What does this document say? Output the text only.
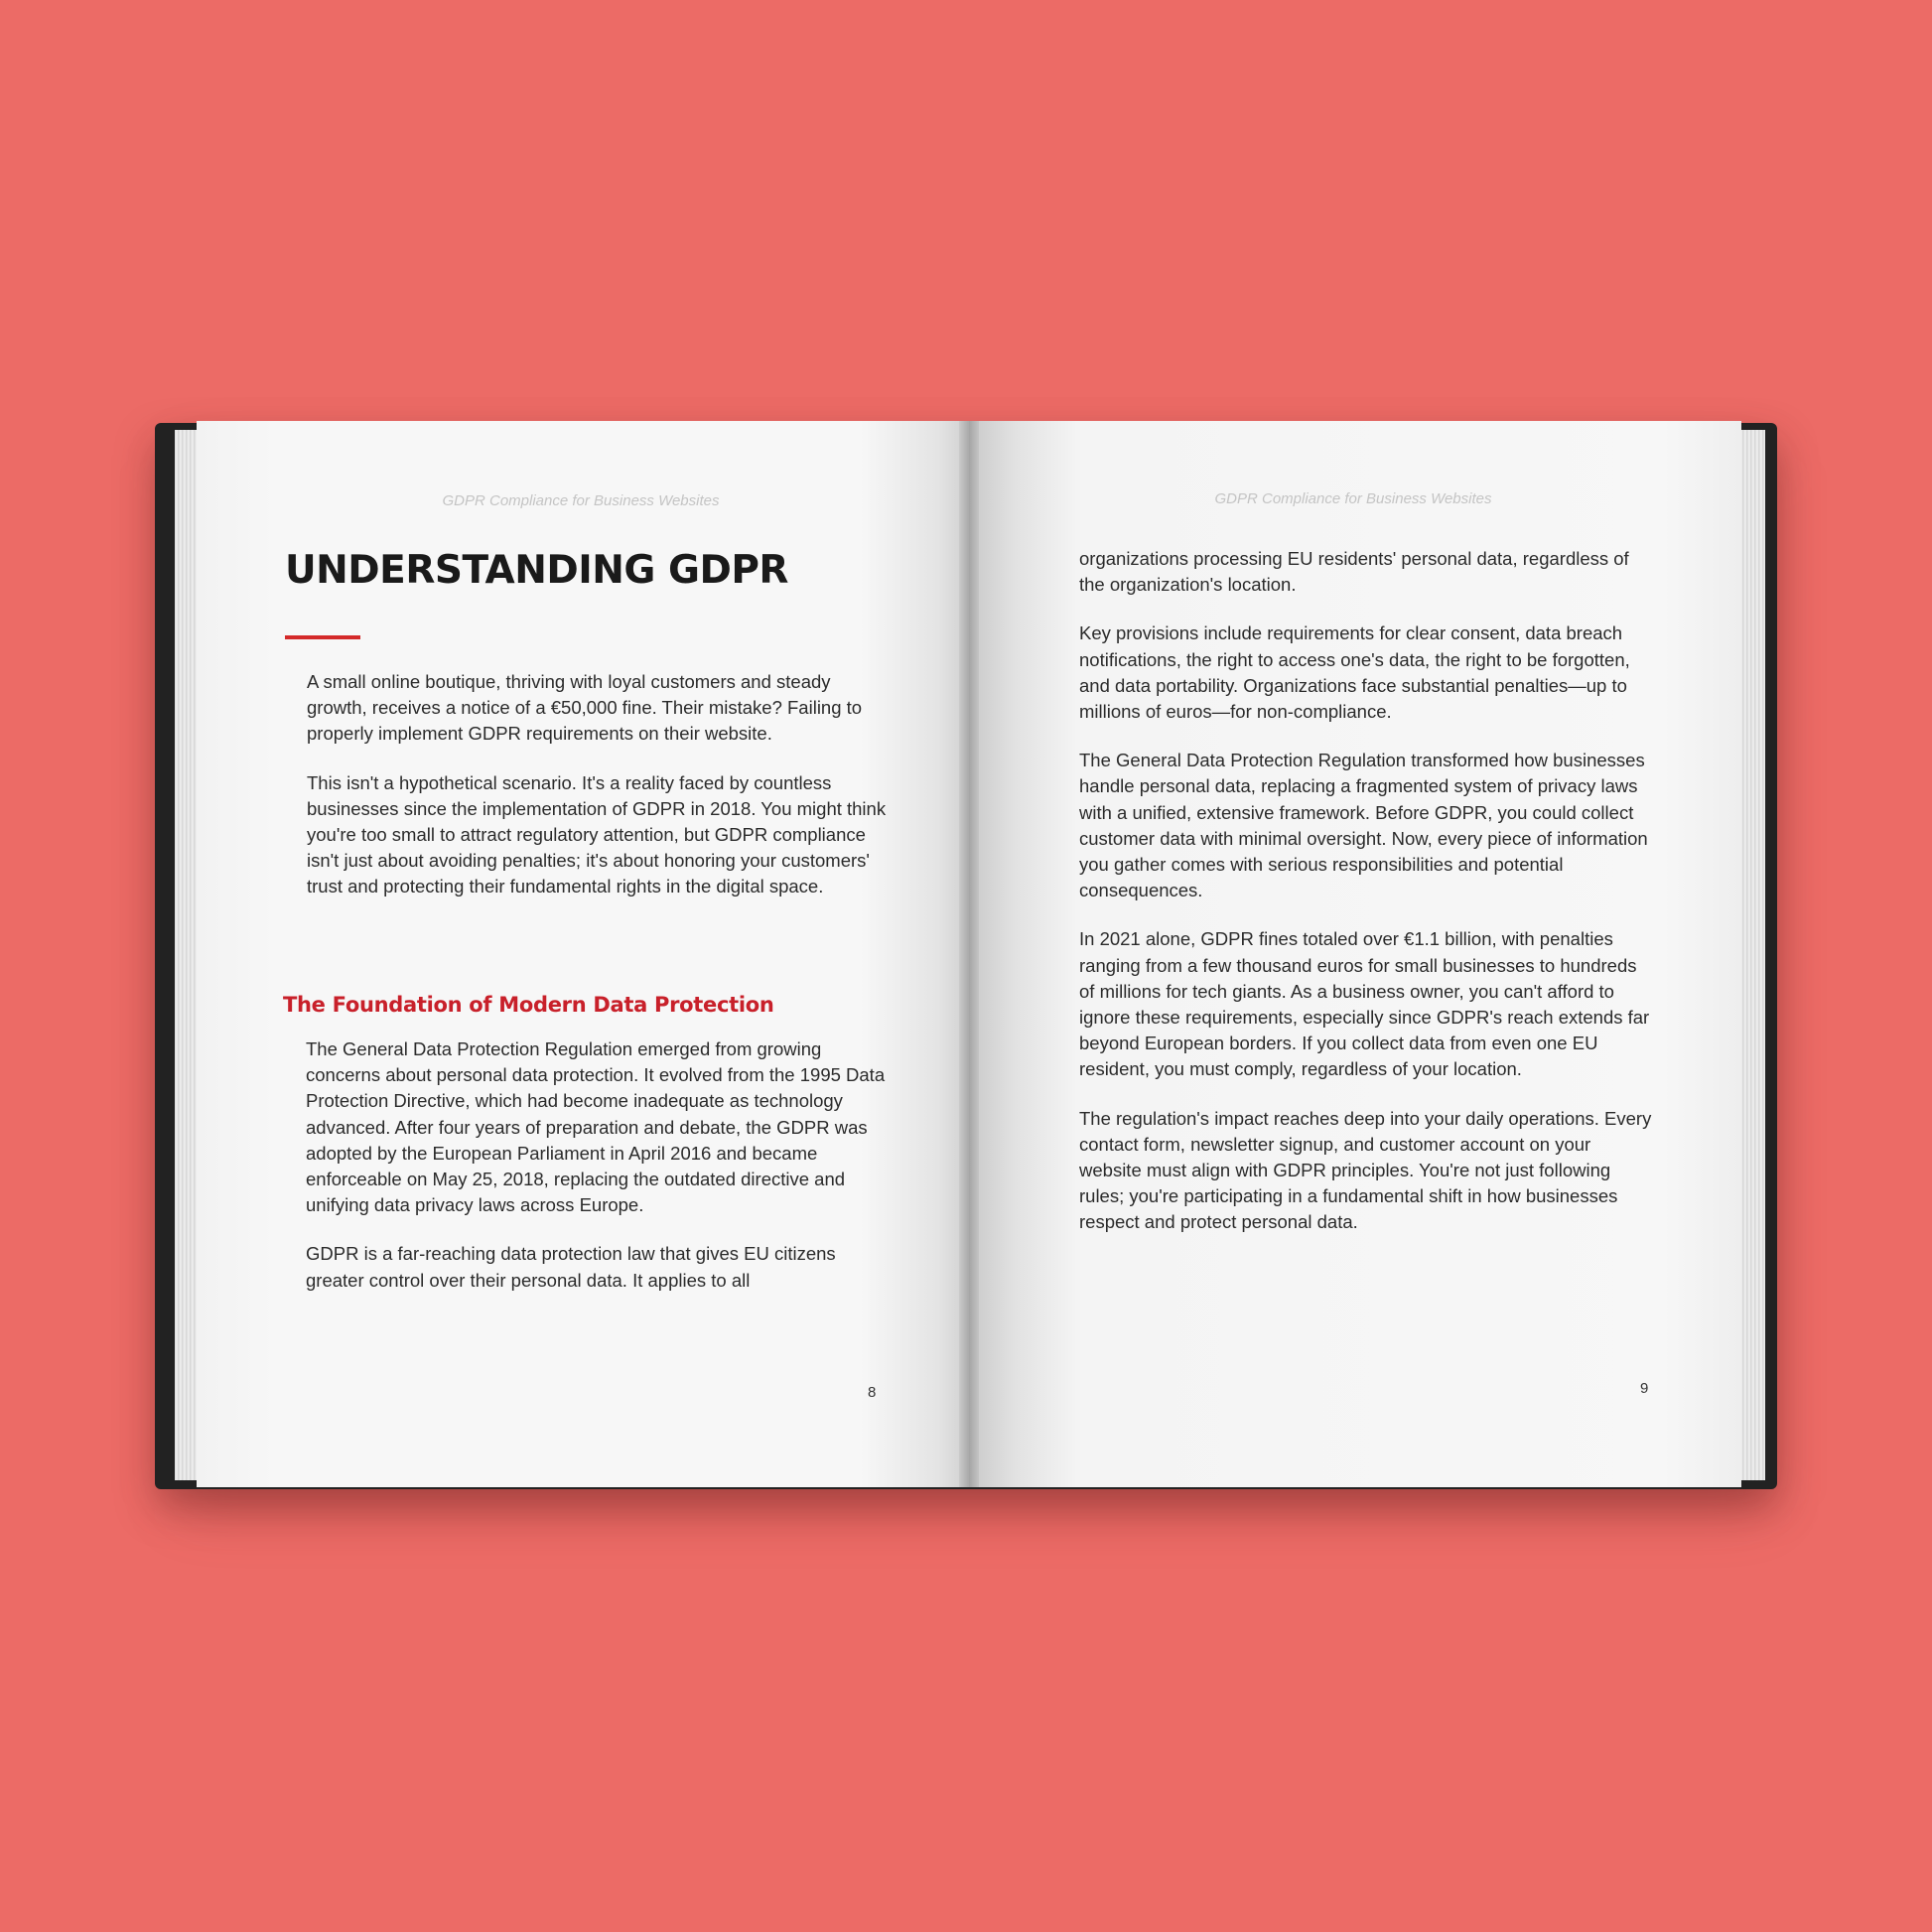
GDPR Compliance for Business Websites
UNDERSTANDING GDPR

A small online boutique, thriving with loyal customers and steady growth, receives a notice of a €50,000 fine. Their mistake? Failing to properly implement GDPR requirements on their website.

This isn't a hypothetical scenario. It's a reality faced by countless businesses since the implementation of GDPR in 2018. You might think you're too small to attract regulatory attention, but GDPR compliance isn't just about avoiding penalties; it's about honoring your customers' trust and protecting their fundamental rights in the digital space.

The Foundation of Modern Data Protection

The General Data Protection Regulation emerged from growing concerns about personal data protection. It evolved from the 1995 Data Protection Directive, which had become inadequate as technology advanced. After four years of preparation and debate, the GDPR was adopted by the European Parliament in April 2016 and became enforceable on May 25, 2018, replacing the outdated directive and unifying data privacy laws across Europe.

GDPR is a far-reaching data protection law that gives EU citizens greater control over their personal data. It applies to all

8
GDPR Compliance for Business Websites

organizations processing EU residents' personal data, regardless of the organization's location.

Key provisions include requirements for clear consent, data breach notifications, the right to access one's data, the right to be forgotten, and data portability. Organizations face substantial penalties—up to millions of euros—for non-compliance.

The General Data Protection Regulation transformed how businesses handle personal data, replacing a fragmented system of privacy laws with a unified, extensive framework. Before GDPR, you could collect customer data with minimal oversight. Now, every piece of information you gather comes with serious responsibilities and potential consequences.

In 2021 alone, GDPR fines totaled over €1.1 billion, with penalties ranging from a few thousand euros for small businesses to hundreds of millions for tech giants. As a business owner, you can't afford to ignore these requirements, especially since GDPR's reach extends far beyond European borders. If you collect data from even one EU resident, you must comply, regardless of your location.

The regulation's impact reaches deep into your daily operations. Every contact form, newsletter signup, and customer account on your website must align with GDPR principles. You're not just following rules; you're participating in a fundamental shift in how businesses respect and protect personal data.

9
